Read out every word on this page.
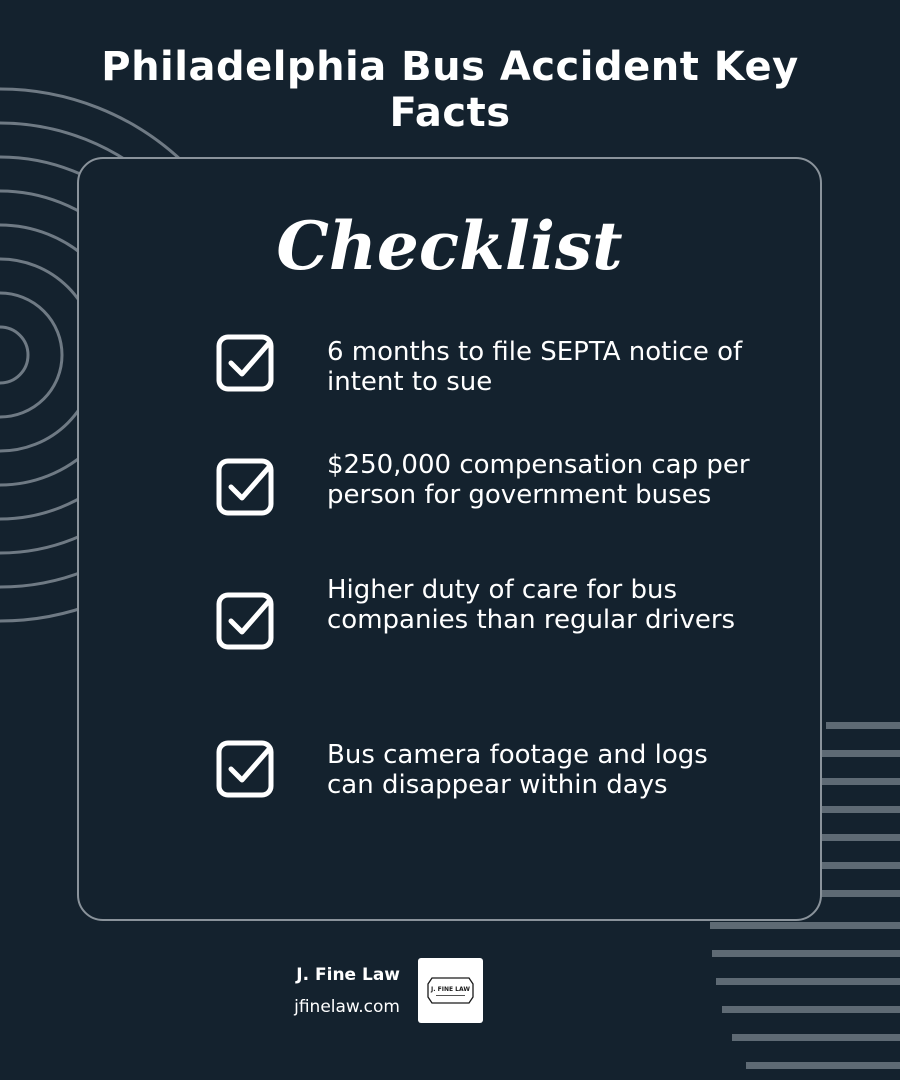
Philadelphia Bus Accident Key Facts
Checklist

6 months to file SEPTA notice of intent to sue

$250,000 compensation cap per person for government buses

Higher duty of care for bus companies than regular drivers

Bus camera footage and logs can disappear within days

J. Fine Law
jfinelaw.com
J. FINE LAW
